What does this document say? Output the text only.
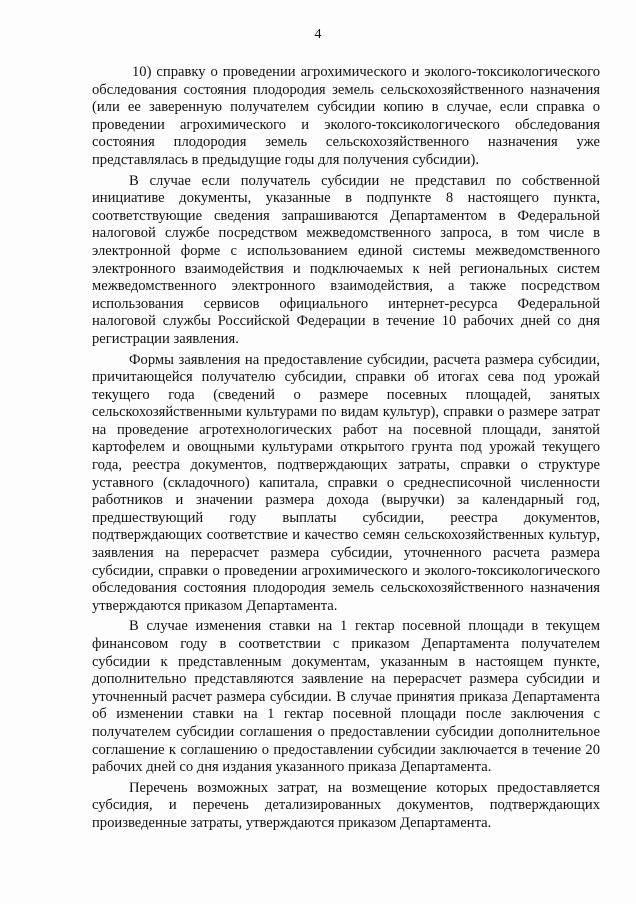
4

10) справку о проведении агрохимического и эколого-токсикологического обследования состояния плодородия земель сельскохозяйственного назначения (или ее заверенную получателем субсидии копию в случае, если справка о проведении агрохимического и эколого-токсикологического обследования состояния плодородия земель сельскохозяйственного назначения уже представлялась в предыдущие годы для получения субсидии).

В случае если получатель субсидии не представил по собственной инициативе документы, указанные в подпункте 8 настоящего пункта, соответствующие сведения запрашиваются Департаментом в Федеральной налоговой службе посредством межведомственного запроса, в том числе в электронной форме с использованием единой системы межведомственного электронного взаимодействия и подключаемых к ней региональных систем межведомственного электронного взаимодействия, а также посредством использования сервисов официального интернет-ресурса Федеральной налоговой службы Российской Федерации в течение 10 рабочих дней со дня регистрации заявления.

Формы заявления на предоставление субсидии, расчета размера субсидии, причитающейся получателю субсидии, справки об итогах сева под урожай текущего года (сведений о размере посевных площадей, занятых сельскохозяйственными культурами по видам культур), справки о размере затрат на проведение агротехнологических работ на посевной площади, занятой картофелем и овощными культурами открытого грунта под урожай текущего года, реестра документов, подтверждающих затраты, справки о структуре уставного (складочного) капитала, справки о среднесписочной численности работников и значении размера дохода (выручки) за календарный год, предшествующий году выплаты субсидии, реестра документов, подтверждающих соответствие и качество семян сельскохозяйственных культур, заявления на перерасчет размера субсидии, уточненного расчета размера субсидии, справки о проведении агрохимического и эколого-токсикологического обследования состояния плодородия земель сельскохозяйственного назначения утверждаются приказом Департамента.

В случае изменения ставки на 1 гектар посевной площади в текущем финансовом году в соответствии с приказом Департамента получателем субсидии к представленным документам, указанным в настоящем пункте, дополнительно представляются заявление на перерасчет размера субсидии и уточненный расчет размера субсидии. В случае принятия приказа Департамента об изменении ставки на 1 гектар посевной площади после заключения с получателем субсидии соглашения о предоставлении субсидии дополнительное соглашение к соглашению о предоставлении субсидии заключается в течение 20 рабочих дней со дня издания указанного приказа Департамента.

Перечень возможных затрат, на возмещение которых предоставляется субсидия, и перечень детализированных документов, подтверждающих произведенные затраты, утверждаются приказом Департамента.
